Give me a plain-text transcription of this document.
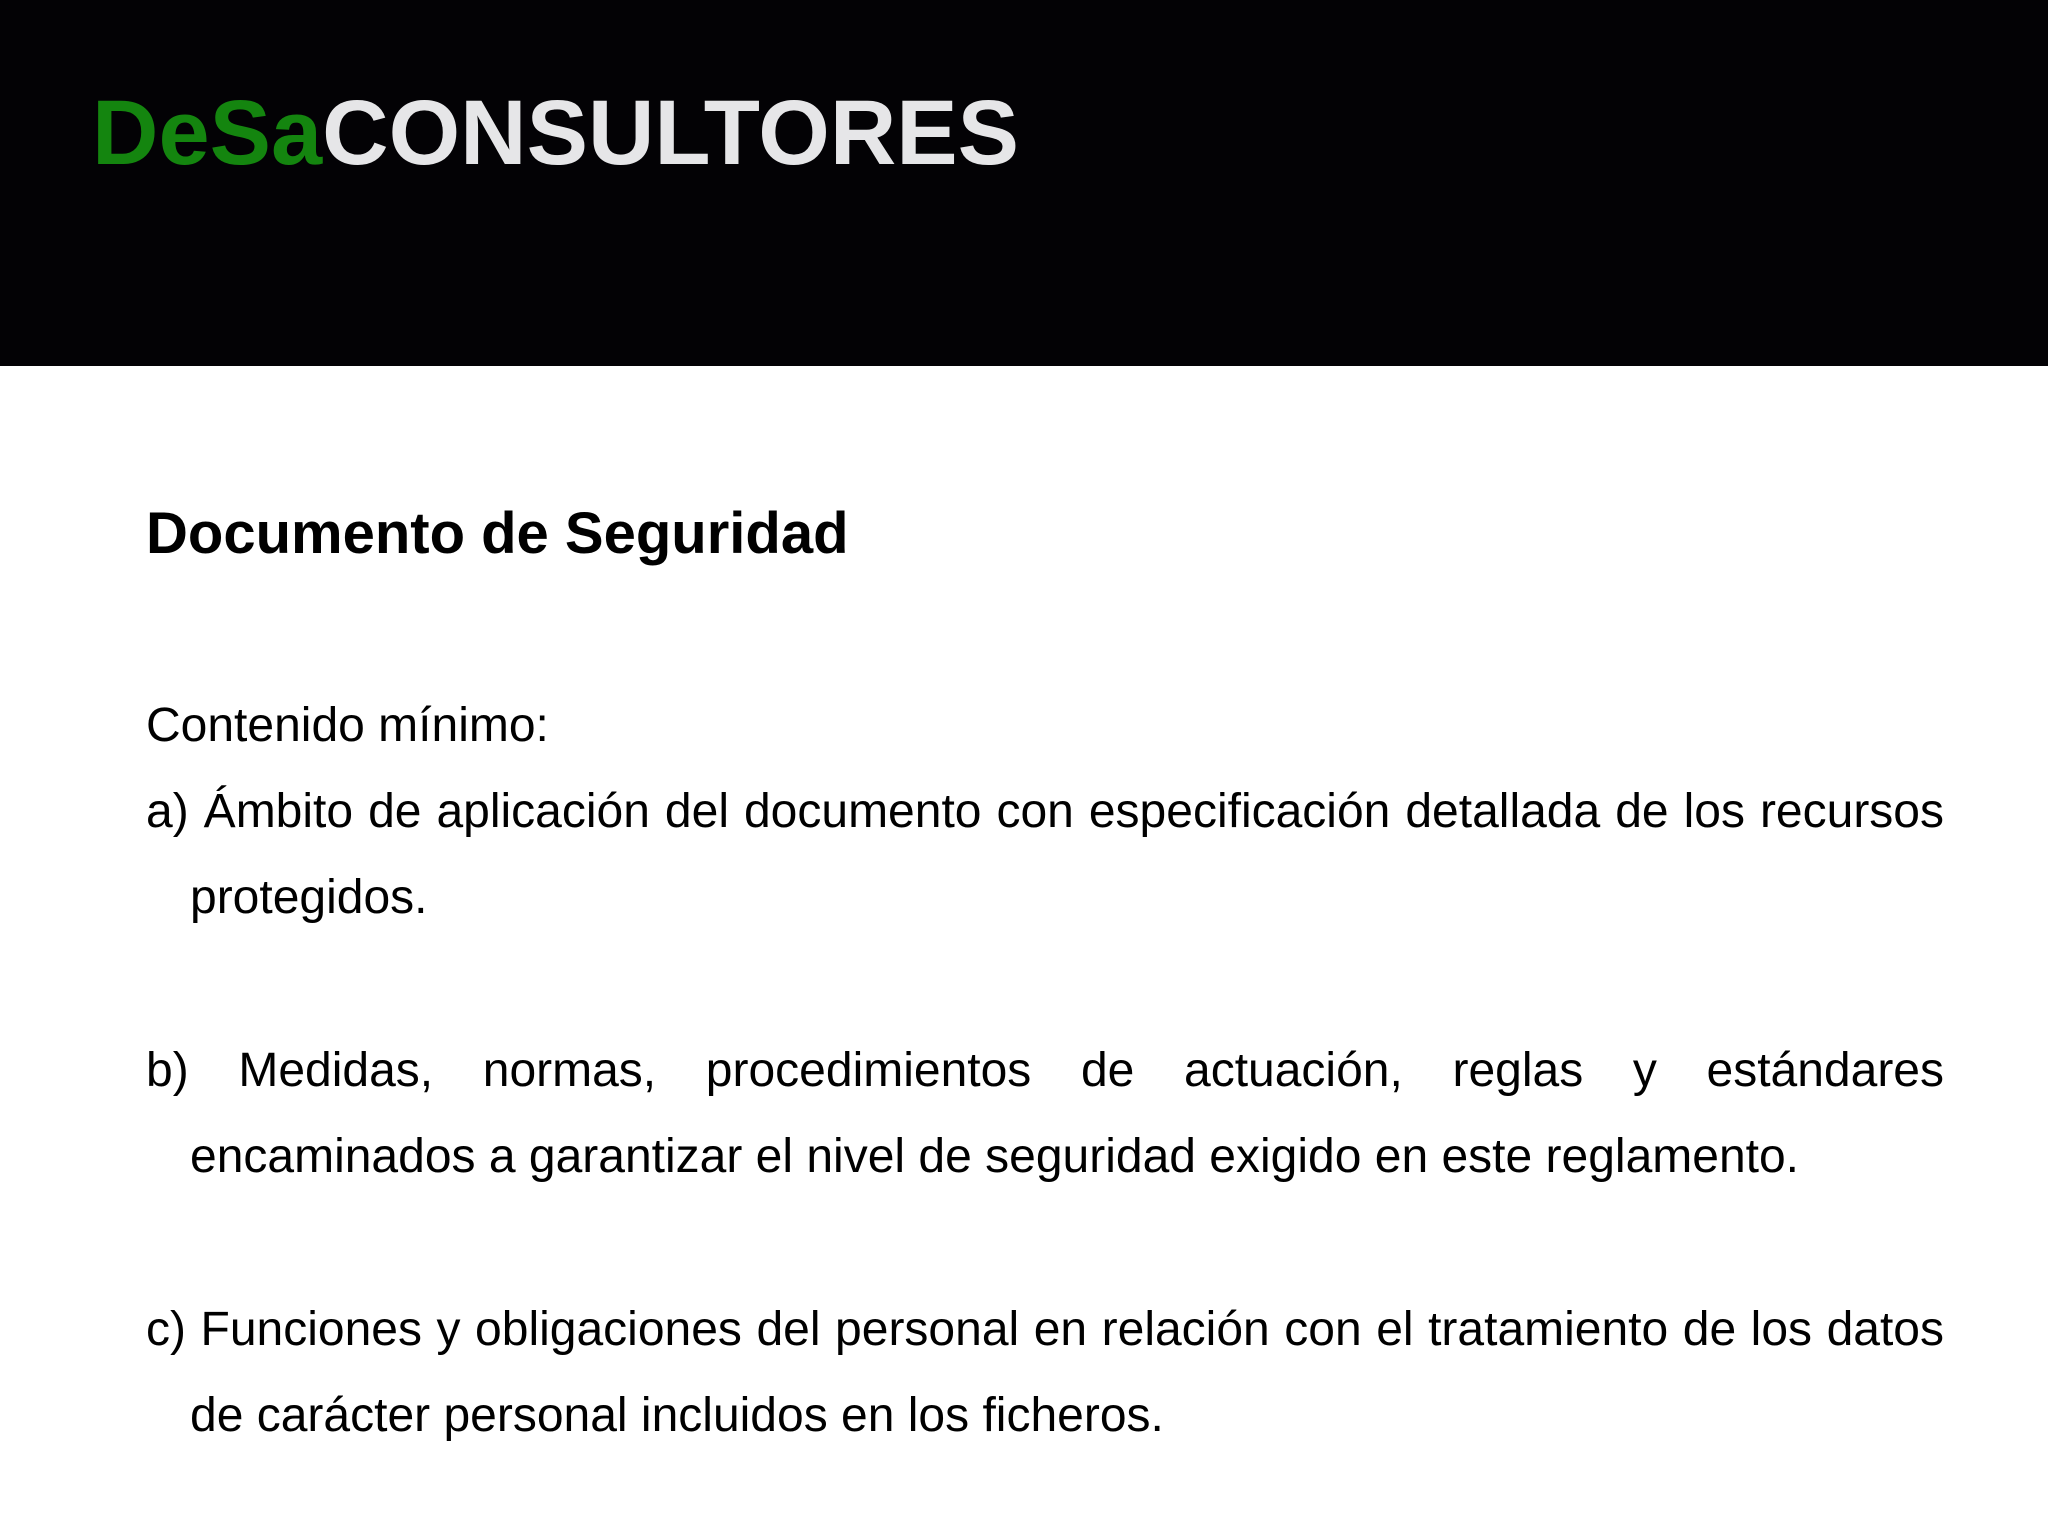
DeSaCONSULTORES
Documento de Seguridad

Contenido mínimo:

a) Ámbito de aplicación del documento con especificación detallada de los recursos protegidos.
b) Medidas, normas, procedimientos de actuación, reglas y estándares encaminados a garantizar el nivel de seguridad exigido en este reglamento.
c) Funciones y obligaciones del personal en relación con el tratamiento de los datos de carácter personal incluidos en los ficheros.
